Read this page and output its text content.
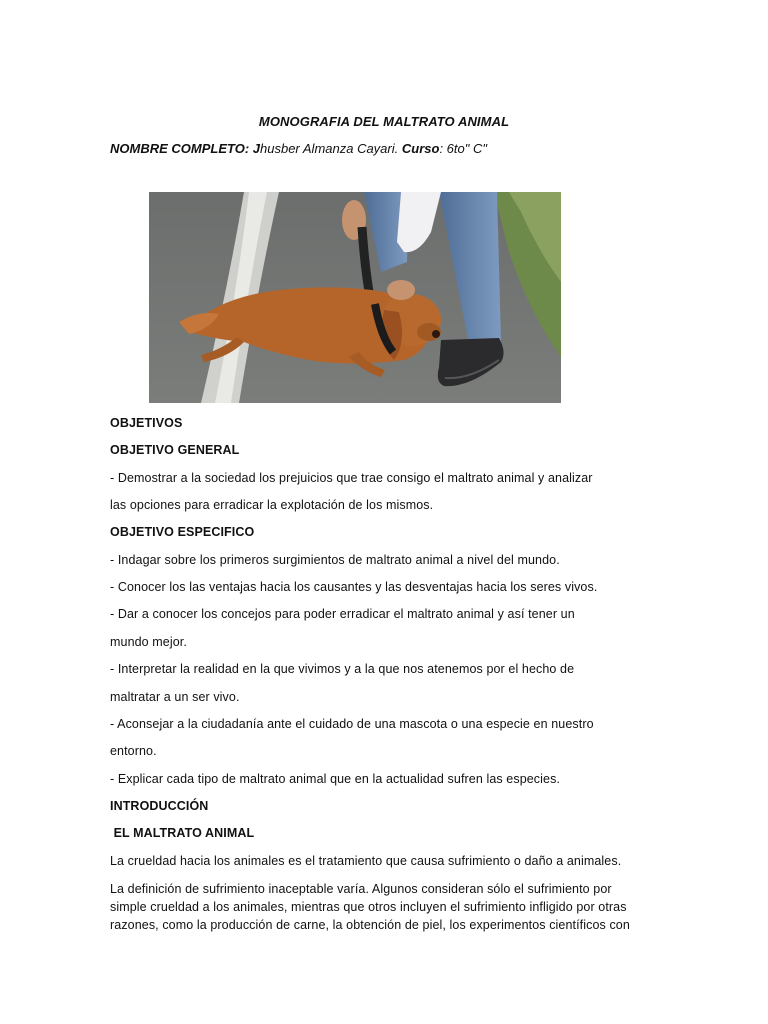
MONOGRAFIA DEL MALTRATO ANIMAL
NOMBRE COMPLETO: Jhusber Almanza Cayari. Curso: 6to" C"
OBJETIVOS
OBJETIVO GENERAL
- Demostrar a la sociedad los prejuicios que trae consigo el maltrato animal y analizar
las opciones para erradicar la explotación de los mismos.
OBJETIVO ESPECIFICO
- Indagar sobre los primeros surgimientos de maltrato animal a nivel del mundo.
- Conocer los las ventajas hacia los causantes y las desventajas hacia los seres vivos.
- Dar a conocer los concejos para poder erradicar el maltrato animal y así tener un
mundo mejor.
- Interpretar la realidad en la que vivimos y a la que nos atenemos por el hecho de
maltratar a un ser vivo.
- Aconsejar a la ciudadanía ante el cuidado de una mascota o una especie en nuestro
entorno.
- Explicar cada tipo de maltrato animal que en la actualidad sufren las especies.
INTRODUCCIÓN
EL MALTRATO ANIMAL
La crueldad hacia los animales es el tratamiento que causa sufrimiento o daño a animales.
La definición de sufrimiento inaceptable varía. Algunos consideran sólo el sufrimiento por simple crueldad a los animales, mientras que otros incluyen el sufrimiento infligido por otras razones, como la producción de carne, la obtención de piel, los experimentos científicos con
